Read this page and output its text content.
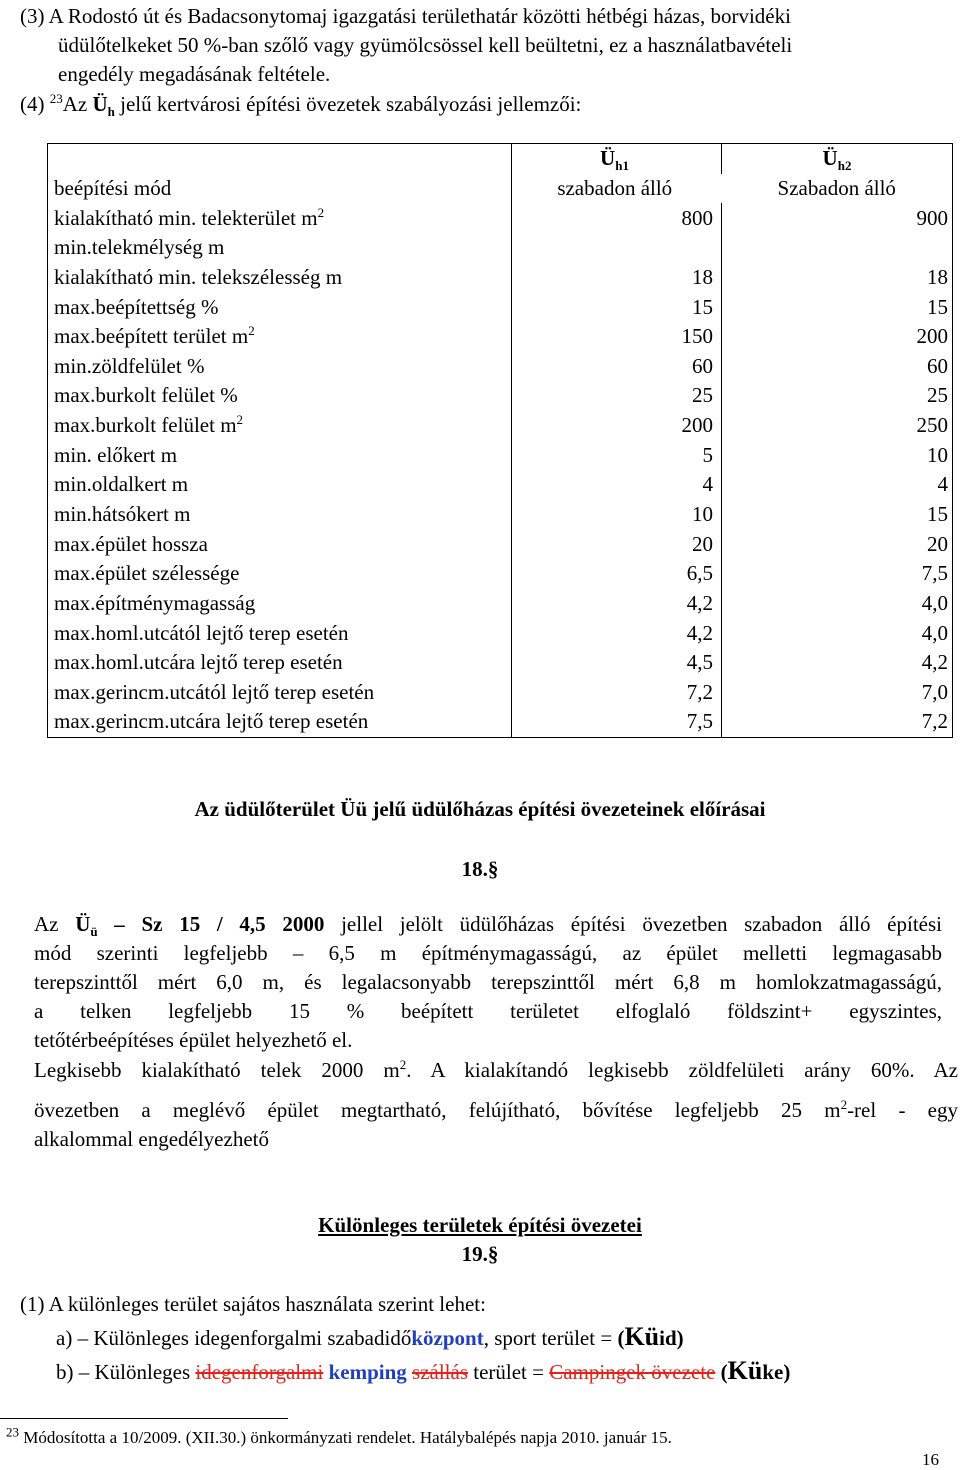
(3) A Rodostó út és Badacsonytomaj igazgatási területhatár közötti hétbégi házas, borvidéki
üdülőtelkeket 50 %-ban szőlő vagy gyümölcsössel kell beültetni, ez a használatbavételi
engedély megadásának feltétele.
(4) $^{23}$Az $Ü_h$ jelű kertvárosi építési övezetek szabályozási jellemzői:
	$Ü_{h1}$	$Ü_{h2}$
beépítési mód	szabadon álló	Szabadon álló
kialakítható min. telekterület $m^2$	800	900
min.telekmélység m		
kialakítható min. telekszélesség m	18	18
max.beépítettség %	15	15
max.beépített terület $m^2$	150	200
min.zöldfelület %	60	60
max.burkolt felület %	25	25
max.burkolt felület $m^2$	200	250
min. előkert m	5	10
min.oldalkert m	4	4
min.hátsókert m	10	15
max.épület hossza	20	20
max.épület szélessége	6,5	7,5
max.építménymagasság	4,2	4,0
max.homl.utcától lejtő terep esetén	4,2	4,0
max.homl.utcára lejtő terep esetén	4,5	4,2
max.gerincm.utcától lejtő terep esetén	7,2	7,0
max.gerincm.utcára lejtő terep esetén	7,5	7,2
Az üdülőterület Üü jelű üdülőházas építési övezeteinek előírásai
18.§
Az $Ü_ü$ – Sz 15 / 4,5 2000 jellel jelölt üdülőházas építési övezetben szabadon álló építési
mód szerinti legfeljebb – 6,5 m építménymagasságú, az épület melletti legmagasabb
terepszinttől mért 6,0 m, és legalacsonyabb terepszinttől mért 6,8 m homlokzatmagasságú,
a telken legfeljebb 15 % beépített területet elfoglaló földszint+ egyszintes,
tetőtérbeépítéses épület helyezhető el.
Legkisebb kialakítható telek 2000 $m^2$. A kialakítandó legkisebb zöldfelületi arány 60%. Az
övezetben a meglévő épület megtartható, felújítható, bővítése legfeljebb 25 $m^2$-rel - egy
alkalommal engedélyezhető
Különleges területek építési övezetei
19.§
(1) A különleges terület sajátos használata szerint lehet:
a) – Különleges idegenforgalmi szabadidőközpont, sport terület = (Küid)
b) – Különleges idegenforgalmi kemping szállás terület = Campingek övezete (Küke)
$^{23}$ Módosította a 10/2009. (XII.30.) önkormányzati rendelet. Hatálybalépés napja 2010. január 15.
16
